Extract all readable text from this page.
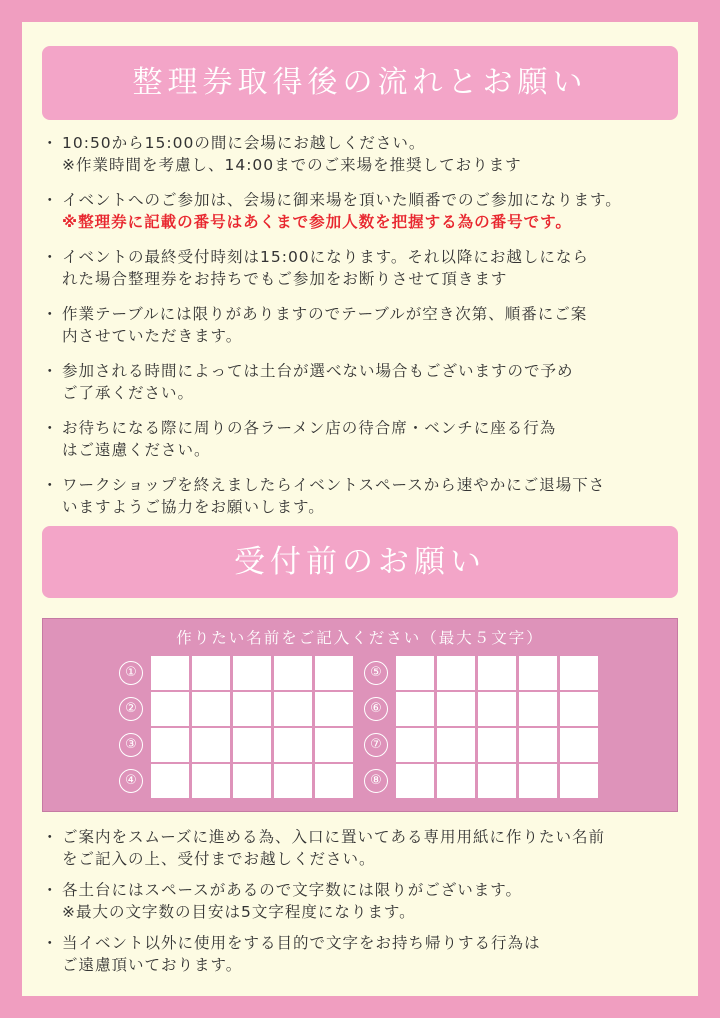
整理券取得後の流れとお願い
・ 10:50から15:00の間に会場にお越しください。
※作業時間を考慮し、14:00までのご来場を推奨しております
・ イベントへのご参加は、会場に御来場を頂いた順番でのご参加になります。
※整理券に記載の番号はあくまで参加人数を把握する為の番号です。
・ イベントの最終受付時刻は15:00になります。それ以降にお越しになら
れた場合整理券をお持ちでもご参加をお断りさせて頂きます
・ 作業テーブルには限りがありますのでテーブルが空き次第、順番にご案
内させていただきます。
・ 参加される時間によっては土台が選べない場合もございますので予め
ご了承ください。
・ お待ちになる際に周りの各ラーメン店の待合席・ベンチに座る行為
はご遠慮ください。
・ ワークショップを終えましたらイベントスペースから速やかにご退場下さ
いますようご協力をお願いします。
受付前のお願い
作りたい名前をご記入ください（最大５文字）
①
②
③
④
⑤
⑥
⑦
⑧
・ ご案内をスムーズに進める為、入口に置いてある専用用紙に作りたい名前
をご記入の上、受付までお越しください。
・ 各土台にはスペースがあるので文字数には限りがございます。
※最大の文字数の目安は5文字程度になります。
・ 当イベント以外に使用をする目的で文字をお持ち帰りする行為は
ご遠慮頂いております。
